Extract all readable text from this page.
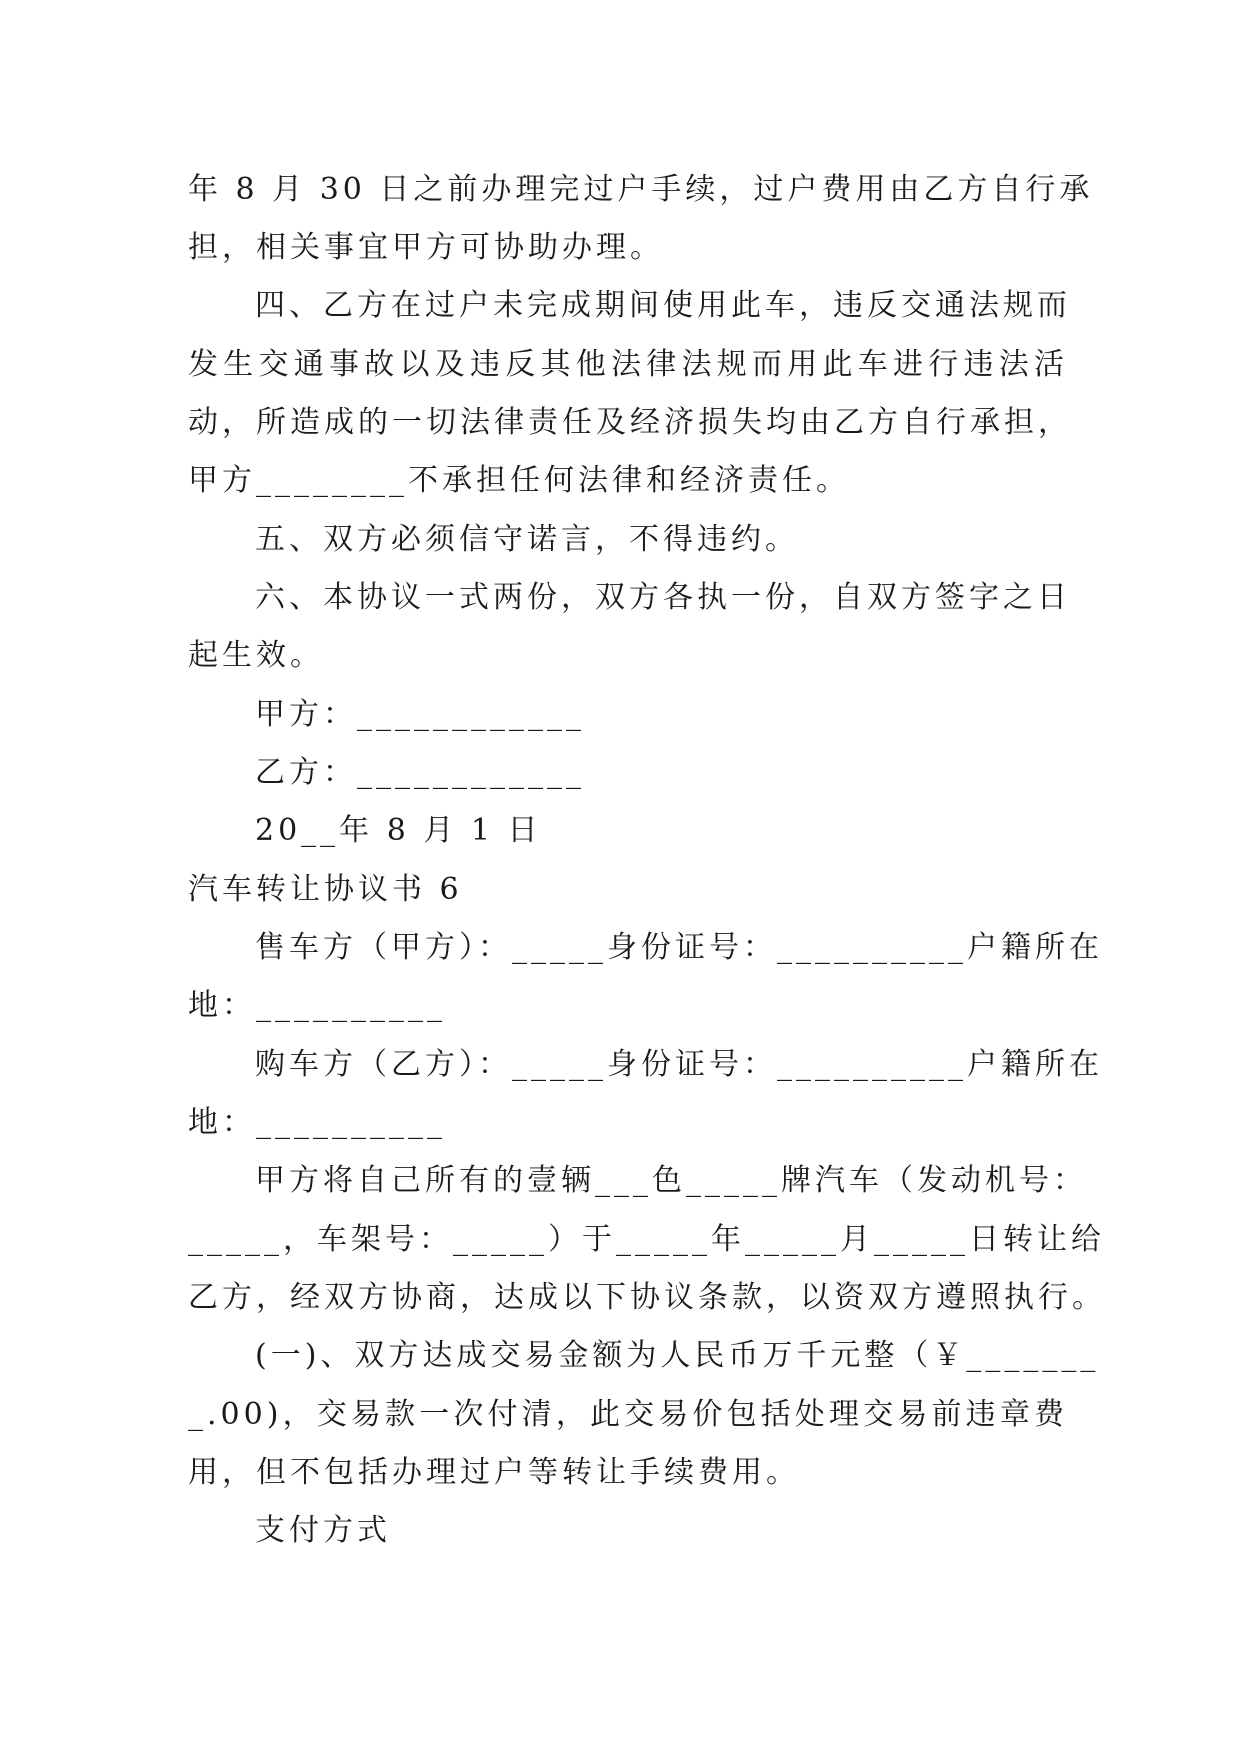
年 8 月 30 日之前办理完过户手续，过户费用由乙方自行承
担，相关事宜甲方可协助办理。
四、乙方在过户未完成期间使用此车，违反交通法规而
发生交通事故以及违反其他法律法规而用此车进行违法活
动，所造成的一切法律责任及经济损失均由乙方自行承担，
甲方________不承担任何法律和经济责任。
五、双方必须信守诺言，不得违约。
六、本协议一式两份，双方各执一份，自双方签字之日
起生效。
甲方：____________
乙方：____________
20__年 8 月 1 日
汽车转让协议书 6
售车方（甲方）：_____身份证号：__________户籍所在
地：__________
购车方（乙方）：_____身份证号：__________户籍所在
地：__________
甲方将自己所有的壹辆___色_____牌汽车（发动机号：
_____，车架号：_____）于_____年_____月_____日转让给
乙方，经双方协商，达成以下协议条款，以资双方遵照执行。
(一)、双方达成交易金额为人民币万千元整（￥_______
_.00)，交易款一次付清，此交易价包括处理交易前违章费
用，但不包括办理过户等转让手续费用。
支付方式
